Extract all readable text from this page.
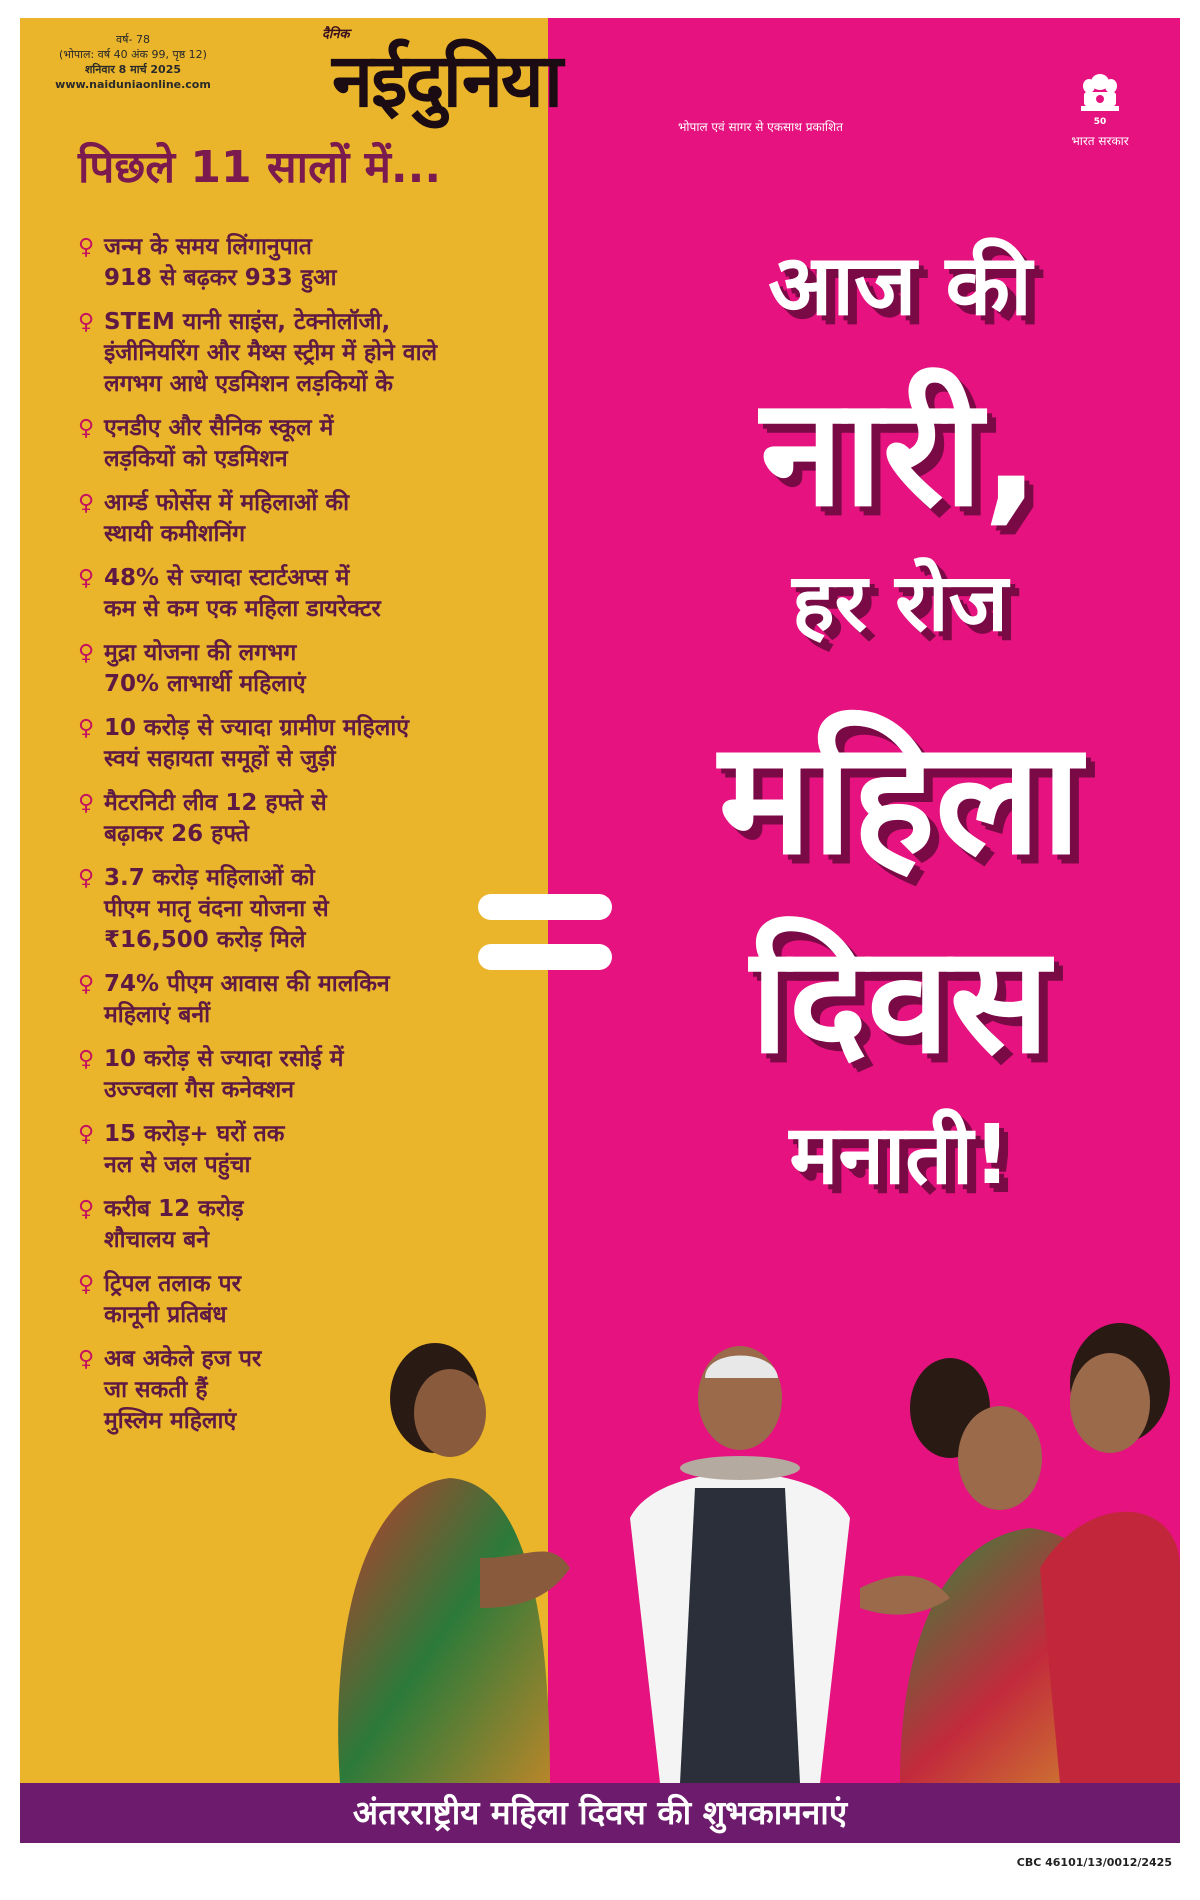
वर्ष- 78
(भोपाल: वर्ष 40 अंक 99, पृष्ठ 12)
शनिवार 8 मार्च 2025
www.naiduniaonline.com
दैनिक
नईदुनिया
भोपाल एवं सागर से एकसाथ प्रकाशित	50
भारत सरकार
पिछले 11 सालों में...
♀ जन्म के समय लिंगानुपात
918 से बढ़कर 933 हुआ
♀ STEM यानी साइंस, टेक्नोलॉजी,
इंजीनियरिंग और मैथ्स स्ट्रीम में होने वाले
लगभग आधे एडमिशन लड़कियों के
♀ एनडीए और सैनिक स्कूल में
लड़कियों को एडमिशन
♀ आर्म्ड फोर्सेस में महिलाओं की
स्थायी कमीशनिंग
♀ 48% से ज्यादा स्टार्टअप्स में
कम से कम एक महिला डायरेक्टर
♀ मुद्रा योजना की लगभग
70% लाभार्थी महिलाएं
♀ 10 करोड़ से ज्यादा ग्रामीण महिलाएं
स्वयं सहायता समूहों से जुड़ीं
♀ मैटरनिटी लीव 12 हफ्ते से
बढ़ाकर 26 हफ्ते
♀ 3.7 करोड़ महिलाओं को
पीएम मातृ वंदना योजना से
₹16,500 करोड़ मिले
♀ 74% पीएम आवास की मालकिन
महिलाएं बनीं
♀ 10 करोड़ से ज्यादा रसोई में
उज्ज्वला गैस कनेक्शन
♀ 15 करोड़+ घरों तक
नल से जल पहुंचा
♀ करीब 12 करोड़
शौचालय बने
♀ ट्रिपल तलाक पर
कानूनी प्रतिबंध
♀ अब अकेले हज पर
जा सकती हैं
मुस्लिम महिलाएं
आज की
नारी,
हर रोज
महिला
दिवस
मनाती!
अंतरराष्ट्रीय महिला दिवस की शुभकामनाएं
CBC 46101/13/0012/2425
